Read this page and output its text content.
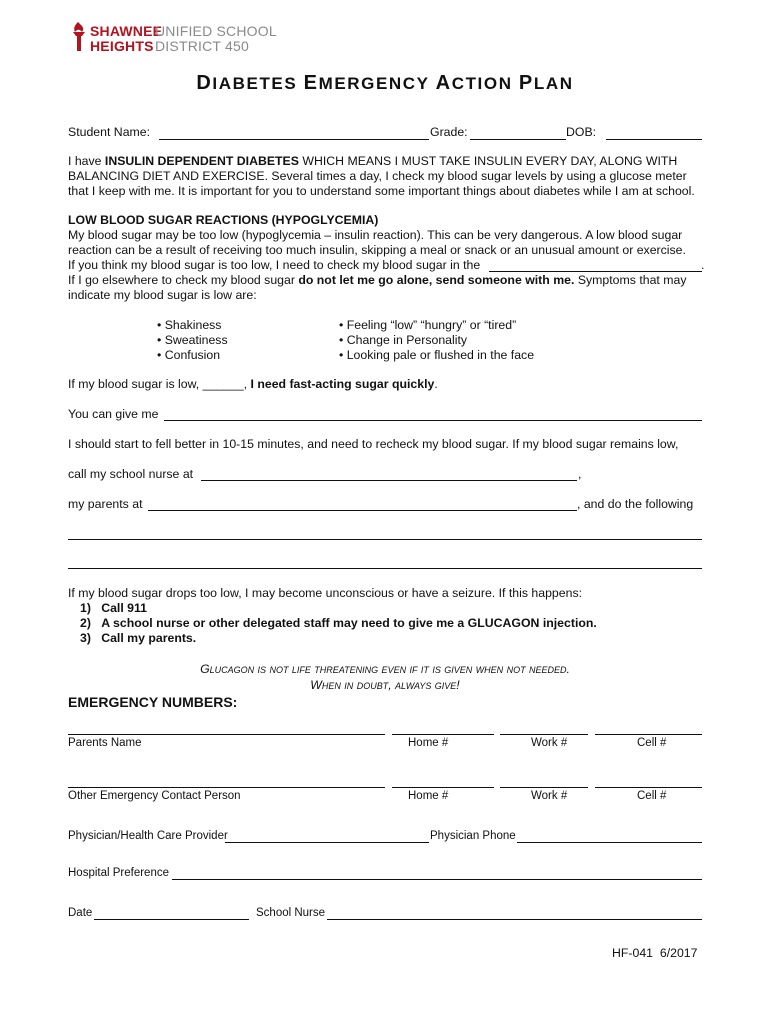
SHAWNEE
UNIFIED SCHOOL
HEIGHTS DISTRICT 450
DIABETES EMERGENCY ACTION PLAN
Student Name:	Grade:	DOB:
I have INSULIN DEPENDENT DIABETES WHICH MEANS I MUST TAKE INSULIN EVERY DAY, ALONG WITH
BALANCING DIET AND EXERCISE. Several times a day, I check my blood sugar levels by using a glucose meter
that I keep with me. It is important for you to understand some important things about diabetes while I am at school.
LOW BLOOD SUGAR REACTIONS (HYPOGLYCEMIA)
My blood sugar may be too low (hypoglycemia – insulin reaction). This can be very dangerous. A low blood sugar
reaction can be a result of receiving too much insulin, skipping a meal or snack or an unusual amount or exercise.
If you think my blood sugar is too low, I need to check my blood sugar in the	.
If I go elsewhere to check my blood sugar do not let me go alone, send someone with me. Symptoms that may
indicate my blood sugar is low are:
• Shakiness
• Sweatiness
• Confusion
• Feeling “low” “hungry” or “tired”
• Change in Personality
• Looking pale or flushed in the face
If my blood sugar is low, ______, I need fast-acting sugar quickly.
You can give me
I should start to fell better in 10-15 minutes, and need to recheck my blood sugar. If my blood sugar remains low,
call my school nurse at	,
my parents at	, and do the following
If my blood sugar drops too low, I may become unconscious or have a seizure. If this happens:
1) Call 911
2) A school nurse or other delegated staff may need to give me a GLUCAGON injection.
3) Call my parents.
Glucagon is not life threatening even if it is given when not needed.
When in doubt, always give!
EMERGENCY NUMBERS:
Parents Name	Home #	Work #	Cell #
Other Emergency Contact Person	Home #	Work #	Cell #
Physician/Health Care Provider	Physician Phone
Hospital Preference
Date	School Nurse
HF-041 6/2017
